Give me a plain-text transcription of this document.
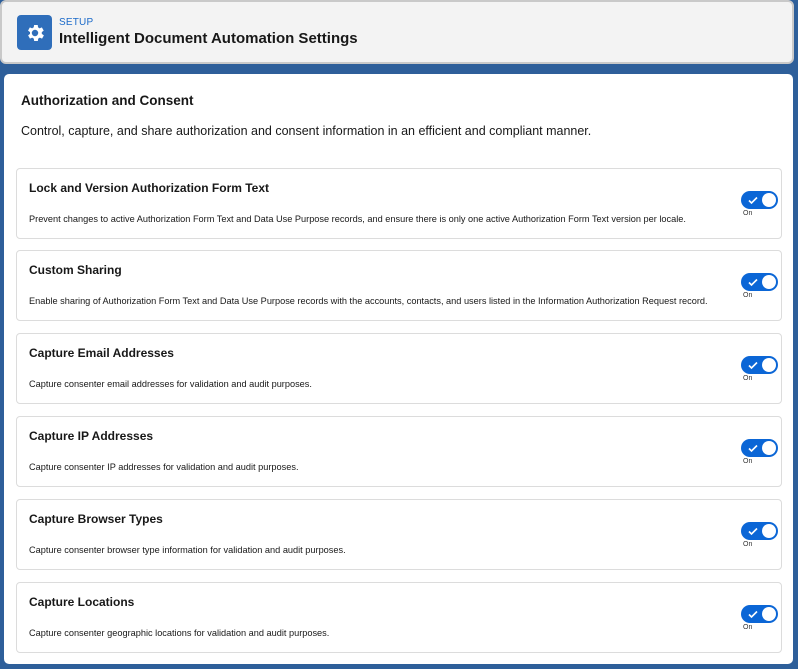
SETUP
Intelligent Document Automation Settings
Authorization and Consent
Control, capture, and share authorization and consent information in an efficient and compliant manner.
Lock and Version Authorization Form Text
Prevent changes to active Authorization Form Text and Data Use Purpose records, and ensure there is only one active Authorization Form Text version per locale.
On
Custom Sharing
Enable sharing of Authorization Form Text and Data Use Purpose records with the accounts, contacts, and users listed in the Information Authorization Request record.
On
Capture Email Addresses
Capture consenter email addresses for validation and audit purposes.
On
Capture IP Addresses
Capture consenter IP addresses for validation and audit purposes.
On
Capture Browser Types
Capture consenter browser type information for validation and audit purposes.
On
Capture Locations
Capture consenter geographic locations for validation and audit purposes.
On
